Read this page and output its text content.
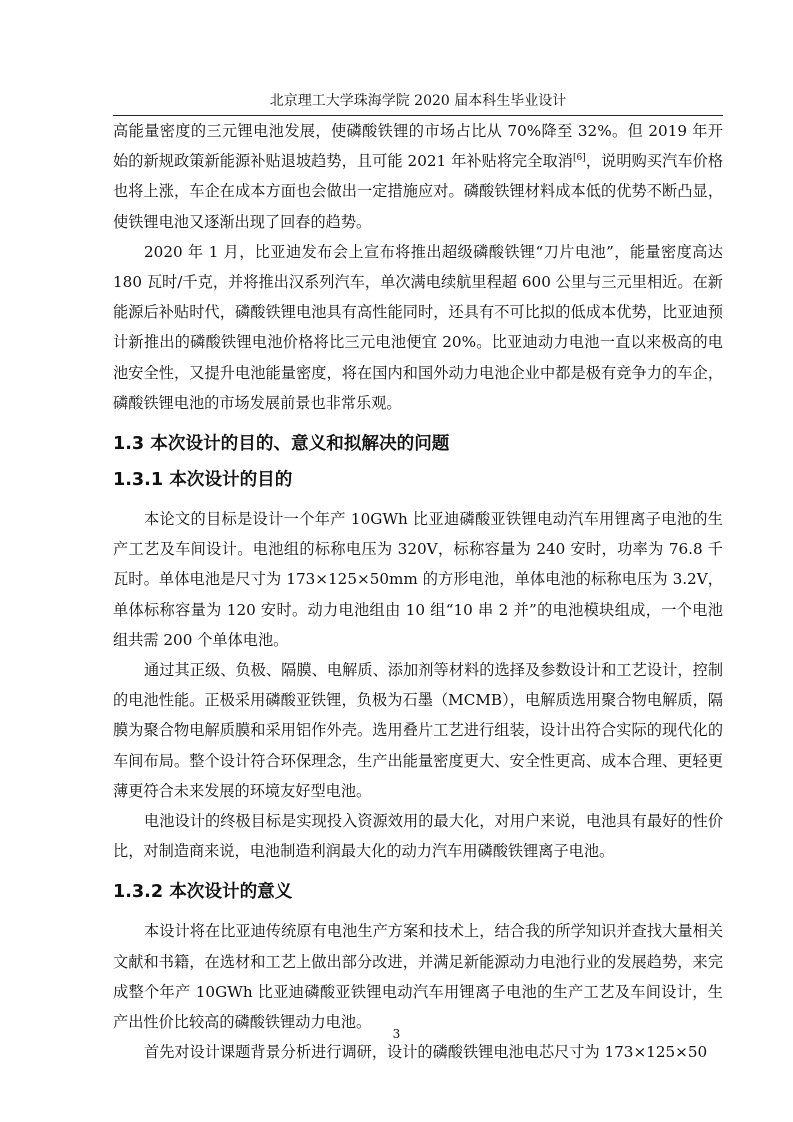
北京理工大学珠海学院 2020 届本科生毕业设计

高能量密度的三元锂电池发展，使磷酸铁锂的市场占比从 70%降至 32%。但 2019 年开始的新规政策新能源补贴退坡趋势，且可能 2021 年补贴将完全取消[6]，说明购买汽车价格也将上涨，车企在成本方面也会做出一定措施应对。磷酸铁锂材料成本低的优势不断凸显，使铁锂电池又逐渐出现了回春的趋势。

2020 年 1 月，比亚迪发布会上宣布将推出超级磷酸铁锂“刀片电池”，能量密度高达 180 瓦时/千克，并将推出汉系列汽车，单次满电续航里程超 600 公里与三元里相近。在新能源后补贴时代，磷酸铁锂电池具有高性能同时，还具有不可比拟的低成本优势，比亚迪预计新推出的磷酸铁锂电池价格将比三元电池便宜 20%。比亚迪动力电池一直以来极高的电池安全性，又提升电池能量密度，将在国内和国外动力电池企业中都是极有竞争力的车企，磷酸铁锂电池的市场发展前景也非常乐观。

1.3 本次设计的目的、意义和拟解决的问题
1.3.1 本次设计的目的

本论文的目标是设计一个年产 10GWh 比亚迪磷酸亚铁锂电动汽车用锂离子电池的生产工艺及车间设计。电池组的标称电压为 320V，标称容量为 240 安时，功率为 76.8 千瓦时。单体电池是尺寸为 173×125×50mm 的方形电池，单体电池的标称电压为 3.2V，单体标称容量为 120 安时。动力电池组由 10 组“10 串 2 并”的电池模块组成，一个电池组共需 200 个单体电池。

通过其正级、负极、隔膜、电解质、添加剂等材料的选择及参数设计和工艺设计，控制的电池性能。正极采用磷酸亚铁锂，负极为石墨（MCMB），电解质选用聚合物电解质，隔膜为聚合物电解质膜和采用铝作外壳。选用叠片工艺进行组装，设计出符合实际的现代化的车间布局。整个设计符合环保理念，生产出能量密度更大、安全性更高、成本合理、更轻更薄更符合未来发展的环境友好型电池。

电池设计的终极目标是实现投入资源效用的最大化，对用户来说，电池具有最好的性价比，对制造商来说，电池制造利润最大化的动力汽车用磷酸铁锂离子电池。

1.3.2 本次设计的意义

本设计将在比亚迪传统原有电池生产方案和技术上，结合我的所学知识并查找大量相关文献和书籍，在选材和工艺上做出部分改进，并满足新能源动力电池行业的发展趋势，来完成整个年产 10GWh 比亚迪磷酸亚铁锂电动汽车用锂离子电池的生产工艺及车间设计，生产出性价比较高的磷酸铁锂动力电池。

首先对设计课题背景分析进行调研，设计的磷酸铁锂电池电芯尺寸为 173×125×50

3
